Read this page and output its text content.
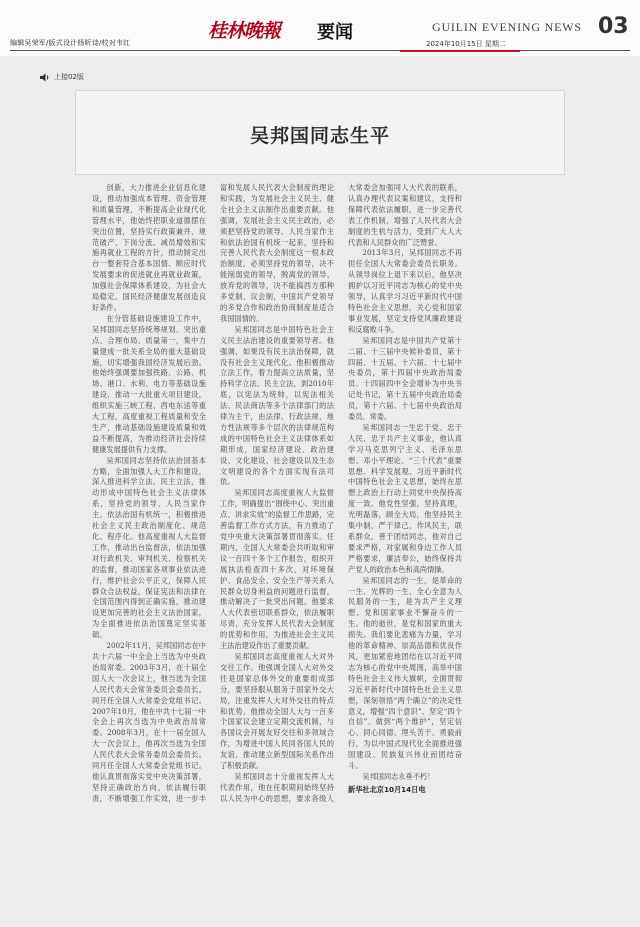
编辑吴荣军/版式设计杨昕诗/校对韦红
桂林晚報 要闻	GUILIN EVENING NEWS
2024年10月15日 星期二
03
上接02版
吴邦国同志生平

创新，大力推进企业信息化建设，推动加强成本管理、资金管理和质量管理，不断提高企业现代化管理水平，他始终把职业道德摆在突出位置，坚持实行政策兼并、规范破产、下岗分流、减员增效和实施再就业工程的方针，推动制定出台一整套符合基本国情、顺应时代发展要求的促进就业再就业政策，加强社会保障体系建设，为社会大局稳定、国民经济健康发展创造良好条件。

在分管基础设施建设工作中，吴邦国同志坚持统筹规划、突出重点、合理布局、质量第一，集中力量建成一批关系全局的重大基础设施，切实增强我国经济发展后劲。他始终强调要加强铁路、公路、机场、港口、水利、电力等基础设施建设，推动一大批重大项目建设，组织实施三峡工程、西电东送等重大工程，高度重视工程质量和安全生产，推动基础设施建设质量和效益不断提高，为推动经济社会持续健康发展提供有力支撑。

吴邦国同志坚持依法治国基本方略，全面加强人大工作和建设，深入推进科学立法、民主立法，推动形成中国特色社会主义法律体系，坚持党的领导、人民当家作主、依法治国有机统一，积极推进社会主义民主政治制度化、规范化、程序化。他高度重视人大监督工作，推动出台监督法，依法加强对行政机关、审判机关、检察机关的监督，推动国家各项事业依法进行，维护社会公平正义，保障人民群众合法权益，保证宪法和法律在全国范围内得到正确实施，推动建设更加完善的社会主义法治国家，为全面推进依法治国奠定坚实基础。

2002年11月，吴邦国同志在中共十六届一中全会上当选为中央政治局常委。2003年3月，在十届全国人大一次会议上，他当选为全国人民代表大会常务委员会委员长。同月任全国人大常委会党组书记。2007年10月，他在中共十七届一中全会上再次当选为中央政治局常委。2008年3月，在十一届全国人大一次会议上，他再次当选为全国人民代表大会常务委员会委员长。同月任全国人大常委会党组书记。他认真贯彻落实党中央决策部署，坚持正确政治方向，依法履行职责，不断增强工作实效，进一步丰富和发展人民代表大会制度的理论和实践，为发展社会主义民主、健全社会主义法制作出重要贡献。他强调，发展社会主义民主政治，必须把坚持党的领导、人民当家作主和依法治国有机统一起来，坚持和完善人民代表大会制度这一根本政治制度，必须坚持党的领导，决不能削弱党的领导，脱离党的领导、放弃党的领导，决不能搞西方那种多党制、议会制，中国共产党领导的多党合作和政治协商制度是适合我国国情的。

吴邦国同志是中国特色社会主义民主法治建设的重要领导者。他强调，如果没有民主法治保障，就没有社会主义现代化。他积极推动立法工作，着力提高立法质量，坚持科学立法、民主立法，到2010年底，以宪法为统帅，以宪法相关法、民法商法等多个法律部门的法律为主干，由法律、行政法规、地方性法规等多个层次的法律规范构成的中国特色社会主义法律体系如期形成，国家经济建设、政治建设、文化建设、社会建设以及生态文明建设的各个方面实现有法可依。

吴邦国同志高度重视人大监督工作，明确提出“围绕中心、突出重点、讲求实效”的监督工作思路，完善监督工作方式方法，有力推动了党中央重大决策部署贯彻落实。任期内，全国人大常委会共听取和审议一百四十多个工作报告，组织开展执法检查四十多次，对环境保护、食品安全、安全生产等关系人民群众切身利益的问题进行监督，推动解决了一批突出问题。他要求人大代表密切联系群众，依法履职尽责，充分发挥人民代表大会制度的优势和作用，为推进社会主义民主法治建设作出了重要贡献。

吴邦国同志高度重视人大对外交往工作。他强调全国人大对外交往是国家总体外交的重要组成部分，要坚持服从服务于国家外交大局，注重发挥人大对外交往的特点和优势。他推动全国人大与一百多个国家议会建立定期交流机制，与各国议会开展友好交往和多领域合作，为增进中国人民同各国人民的友谊、推动建立新型国际关系作出了积极贡献。

吴邦国同志十分重视发挥人大代表作用，他在任职期间始终坚持以人民为中心的思想，要求各级人大常委会加强同人大代表的联系，认真办理代表议案和建议，支持和保障代表依法履职，进一步完善代表工作机制，增强了人民代表大会制度的生机与活力，受到广大人大代表和人民群众的广泛赞誉。

2013年3月，吴邦国同志不再担任全国人大常委会委员长职务。从领导岗位上退下来以后，他坚决拥护以习近平同志为核心的党中央领导，认真学习习近平新时代中国特色社会主义思想，关心党和国家事业发展，坚定支持党风廉政建设和反腐败斗争。

吴邦国同志是中国共产党第十二届、十三届中央候补委员，第十四届、十五届、十六届、十七届中央委员，第十四届中央政治局委员、十四届四中全会增补为中央书记处书记，第十五届中央政治局委员，第十六届、十七届中央政治局委员、常委。

吴邦国同志一生忠于党、忠于人民、忠于共产主义事业，他认真学习马克思列宁主义、毛泽东思想、邓小平理论、“三个代表”重要思想、科学发展观、习近平新时代中国特色社会主义思想，始终在思想上政治上行动上同党中央保持高度一致。他党性坚强，坚持真理，光明磊落，顾全大局，他坚持民主集中制，严于律己，作风民主，联系群众，善于团结同志，他对自己要求严格，对家属和身边工作人员严格要求，廉洁奉公，始终保持共产党人的政治本色和高尚情操。

吴邦国同志的一生，是革命的一生、光辉的一生、全心全意为人民服务的一生，是为共产主义理想、党和国家事业不懈奋斗的一生。他的逝世，是党和国家的重大损失。我们要化悲痛为力量，学习他的革命精神、崇高品德和优良作风，更加紧密地团结在以习近平同志为核心的党中央周围，高举中国特色社会主义伟大旗帜，全面贯彻习近平新时代中国特色社会主义思想，深刻领悟“两个确立”的决定性意义，增强“四个意识”、坚定“四个自信”、做到“两个维护”，坚定信心、同心同德、埋头苦干、勇毅前行，为以中国式现代化全面推进强国建设、民族复兴伟业而团结奋斗。

吴邦国同志永垂不朽！

新华社北京10月14日电
